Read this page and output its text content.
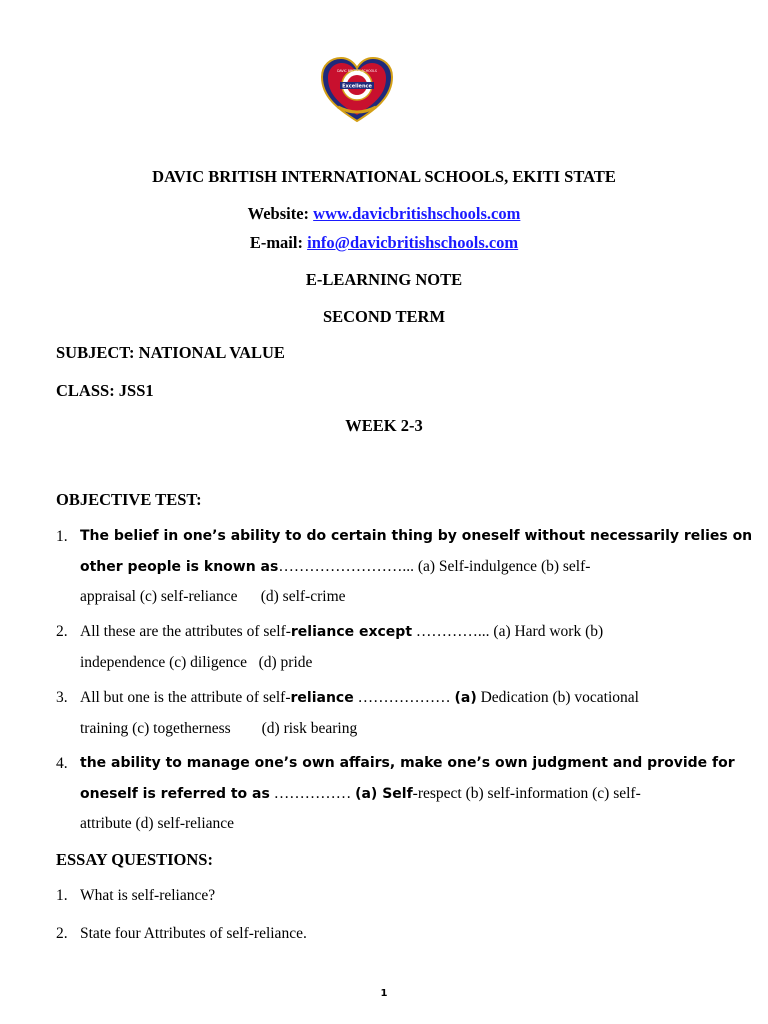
Excellence
DAVIC BRITISH SCHOOLS
DAVIC BRITISH INTERNATIONAL SCHOOLS, EKITI STATE
Website: www.davicbritishschools.com
E-mail: info@davicbritishschools.com
E-LEARNING NOTE
SECOND TERM
SUBJECT: NATIONAL VALUE
CLASS: JSS1
WEEK 2-3
OBJECTIVE TEST:
1. The belief in one’s ability to do certain thing by oneself without necessarily relies on
other people is known as……………………... (a) Self-indulgence (b) self-
appraisal (c) self-reliance      (d) self-crime
2. All these are the attributes of self-reliance except …………... (a) Hard work (b)
independence (c) diligence   (d) pride
3. All but one is the attribute of self-reliance ……………… (a) Dedication (b) vocational
training (c) togetherness        (d) risk bearing
4. the ability to manage one’s own affairs, make one’s own judgment and provide for
oneself is referred to as …………… (a) Self-respect (b) self-information (c) self-
attribute (d) self-reliance
ESSAY QUESTIONS:
1. What is self-reliance?
2. State four Attributes of self-reliance.
1
